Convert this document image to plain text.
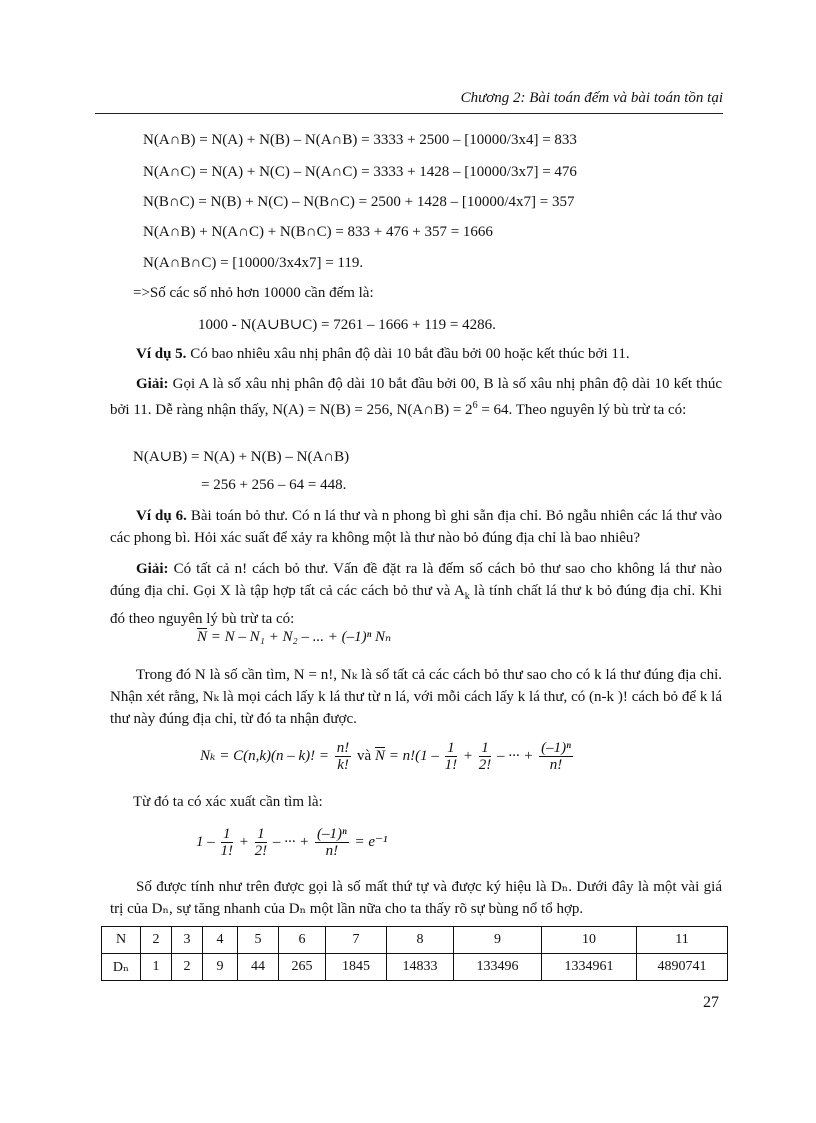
Chương 2: Bài toán đếm và bài toán tồn tại
N(A∩B) = N(A) + N(B) – N(A∩B) = 3333 + 2500 – [10000/3x4] = 833
N(A∩C) = N(A) + N(C) – N(A∩C) = 3333 + 1428 – [10000/3x7] = 476
N(B∩C) = N(B) + N(C) – N(B∩C) = 2500 + 1428 – [10000/4x7] = 357
N(A∩B) + N(A∩C) + N(B∩C) = 833 + 476 + 357 = 1666
N(A∩B∩C) = [10000/3x4x7] = 119.
=>Số các số nhỏ hơn 10000 cần đếm là:
1000 - N(A∪B∪C) = 7261 – 1666 + 119 = 4286.
Ví dụ 5. Có bao nhiêu xâu nhị phân độ dài 10 bắt đầu bởi 00 hoặc kết thúc bởi 11.
Giải: Gọi A là số xâu nhị phân độ dài 10 bắt đầu bởi 00, B là số xâu nhị phân độ dài 10 kết thúc bởi 11. Dễ ràng nhận thấy, N(A) = N(B) = 256, N(A∩B) = $2^6 = 64$. Theo nguyên lý bù trừ ta có:
N(A∪B) = N(A) + N(B) – N(A∩B)
= 256 + 256 – 64 = 448.
Ví dụ 6. Bài toán bỏ thư. Có n lá thư và n phong bì ghi sẵn địa chỉ. Bỏ ngẫu nhiên các lá thư vào các phong bì. Hỏi xác suất để xảy ra không một là thư nào bỏ đúng địa chỉ là bao nhiêu?
Giải: Có tất cả n! cách bỏ thư. Vấn đề đặt ra là đếm số cách bỏ thư sao cho không lá thư nào đúng địa chỉ. Gọi X là tập hợp tất cả các cách bỏ thư và $A_k$ là tính chất lá thư k bỏ đúng địa chỉ. Khi đó theo nguyên lý bù trừ ta có:
$\overline{N} = N - N_1 + N_2$ – ... + (–1)ⁿ Nₙ
Trong đó N là số cần tìm, N = n!, Nₖ là số tất cả các cách bỏ thư sao cho có k lá thư đúng địa chỉ. Nhận xét rằng, Nₖ là mọi cách lấy k lá thư từ n lá, với mỗi cách lấy k lá thư, có (n-k )! cách bỏ để k lá thư này đúng địa chỉ, từ đó ta nhận được.
Nₖ = C(n,k)(n – k)! = $\frac{n!}{k!}$ và $\overline{N} = n!(1 - \frac{1}{1!} + \frac{1}{2!}$ – ··· + $\frac{\text{(–1)ⁿ}}{n!}$
Từ đó ta có xác xuất cần tìm là:
$1 - \frac{1}{1!} + \frac{1}{2!}$ – ··· + $\frac{\text{(–1)ⁿ}}{n!} = e^{-1}$
Số được tính như trên được gọi là số mất thứ tự và được ký hiệu là Dₙ. Dưới đây là một vài giá trị của Dₙ, sự tăng nhanh của Dₙ một lần nữa cho ta thấy rõ sự bùng nổ tổ hợp.
N	2	3	4	5	6	7	8	9	10	11
Dₙ	1	2	9	44	265	1845	14833	133496	1334961	4890741
27
